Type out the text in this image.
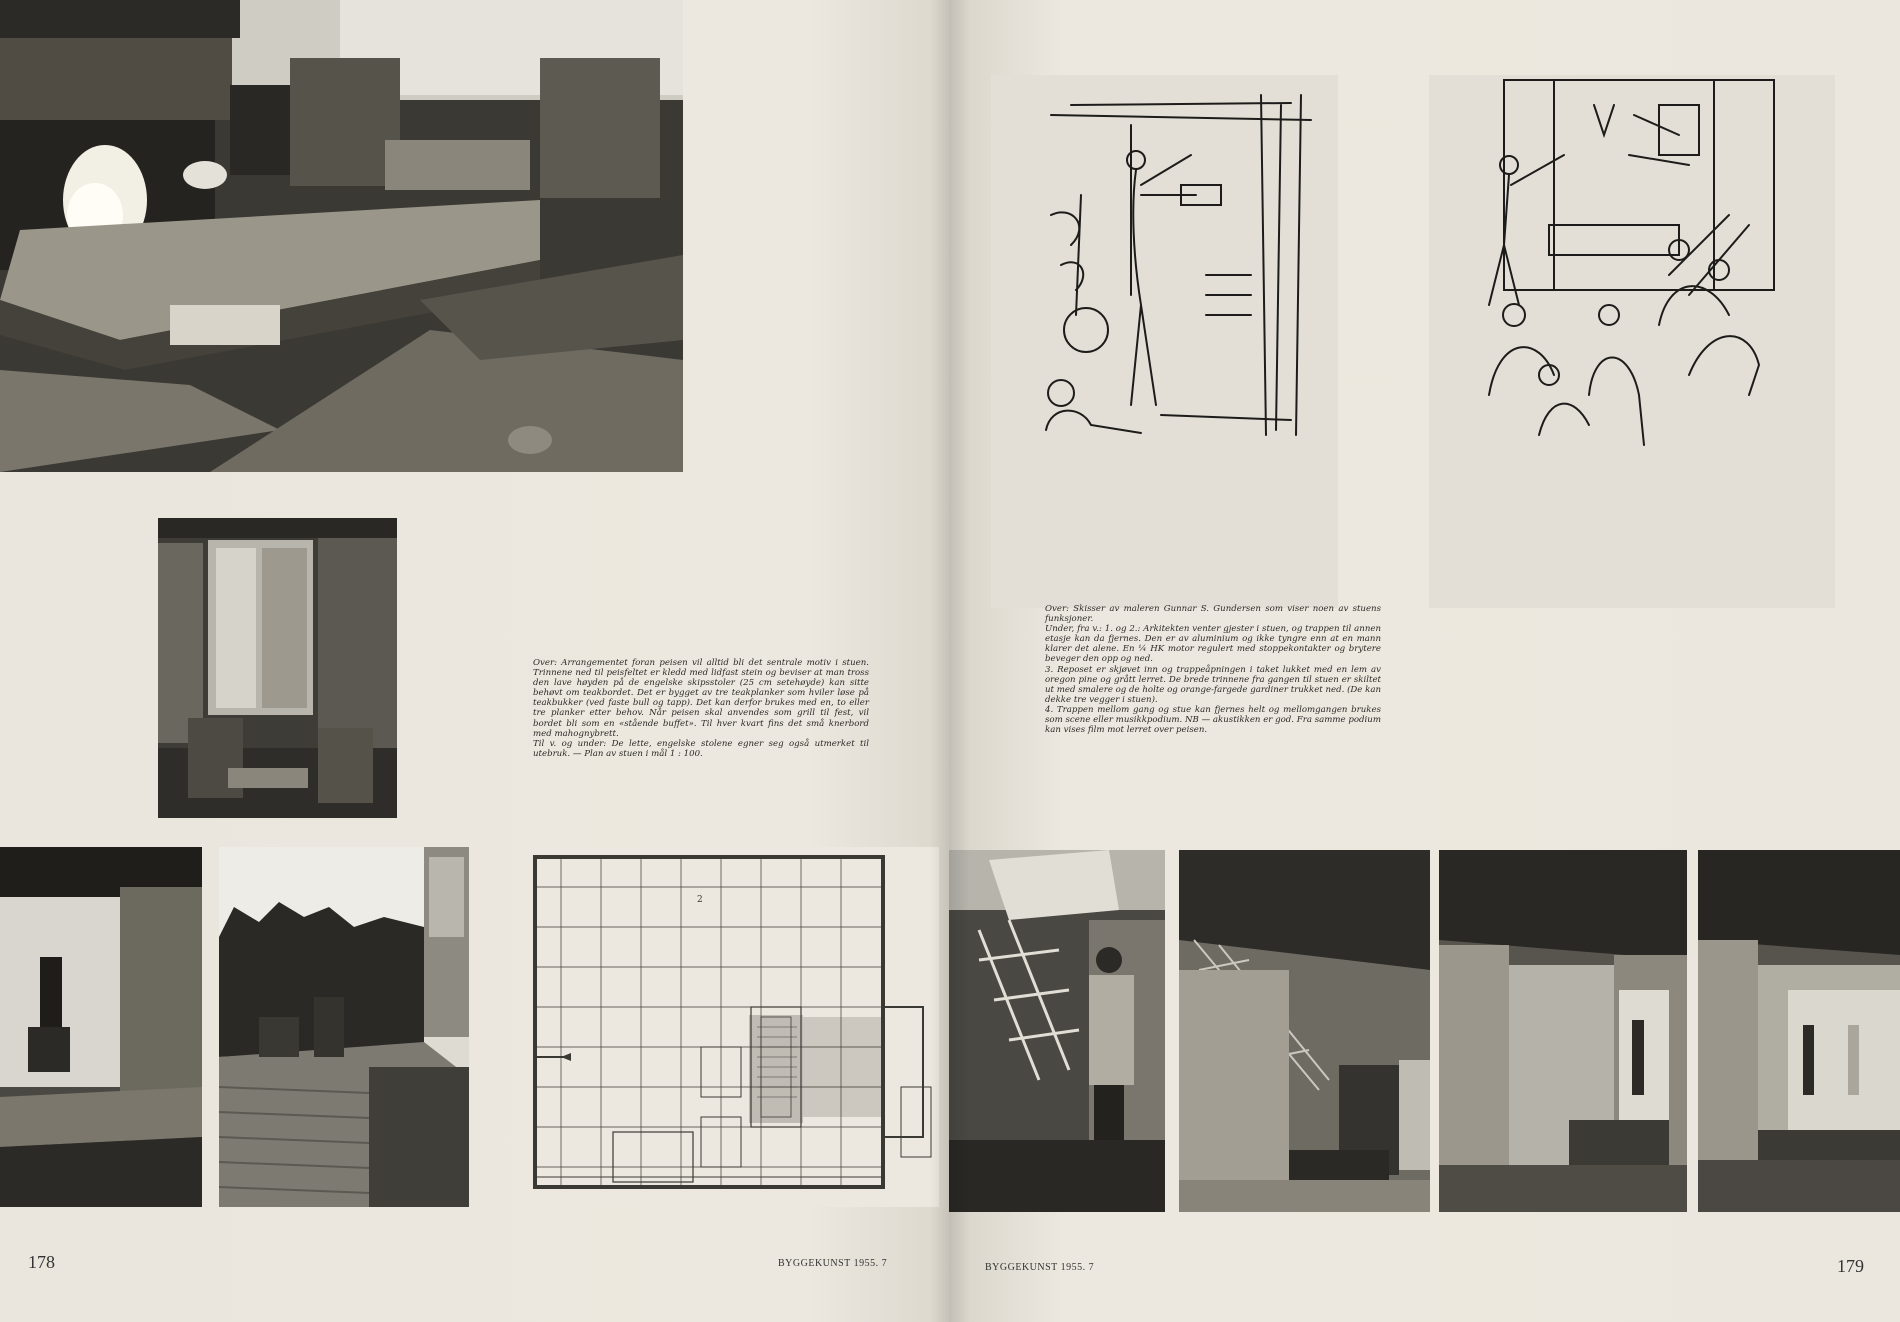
Over: Arrangementet foran peisen vil alltid bli det sentrale motiv i stuen. Trinnene ned til peisfeltet er kledd med lidfast stein og beviser at man tross den lave høyden på de engelske skipsstoler (25 cm setehøyde) kan sitte behøvt om teakbordet. Det er bygget av tre teakplanker som hviler løse på teakbukker (ved faste bull og tapp). Det kan derfor brukes med en, to eller tre planker etter behov. Når peisen skal anvendes som grill til fest, vil bordet bli som en «stående buffet». Til hver kvart fins det små knerbord med mahognybrett.

Til v. og under: De lette, engelske stolene egner seg også utmerket til utebruk. — Plan av stuen i mål 1 : 100.

2
178	BYGGEKUNST 1955. 7

Over: Skisser av maleren Gunnar S. Gundersen som viser noen av stuens funksjoner.

Under, fra v.: 1. og 2.: Arkitekten venter gjester i stuen, og trappen til annen etasje kan da fjernes. Den er av aluminium og ikke tyngre enn at en mann klarer det alene. En ¼ HK motor regulert med stoppekontakter og brytere beveger den opp og ned.

3. Reposet er skjøvet inn og trappeåpningen i taket lukket med en lem av oregon pine og grått lerret. De brede trinnene fra gangen til stuen er skiltet ut med smalere og de holte og orange-fargede gardiner trukket ned. (De kan dekke tre vegger i stuen).

4. Trappen mellom gang og stue kan fjernes helt og mellomgangen brukes som scene eller musikkpodium. NB — akustikken er god. Fra samme podium kan vises film mot lerret over peisen.

BYGGEKUNST 1955. 7	179
